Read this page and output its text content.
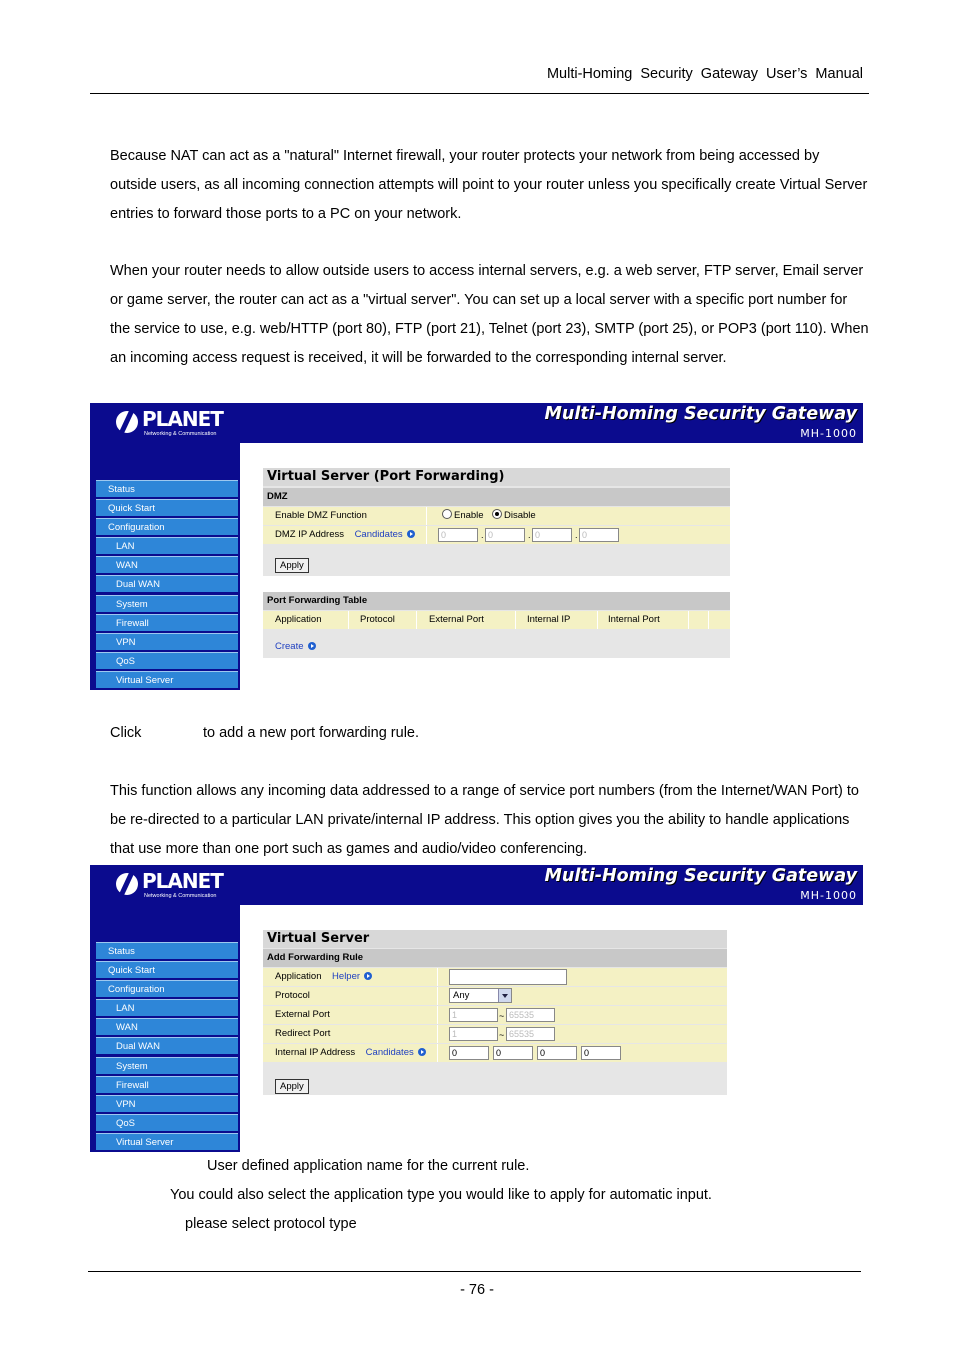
Multi-Homing Security Gateway User’s Manual

Because NAT can act as a "natural" Internet firewall, your router protects your network from being accessed by outside users, as all incoming connection attempts will point to your router unless you specifically create Virtual Server entries to forward those ports to a PC on your network.

When your router needs to allow outside users to access internal servers, e.g. a web server, FTP server, Email server or game server, the router can act as a "virtual server". You can set up a local server with a specific port number for the service to use, e.g. web/HTTP (port 80), FTP (port 21), Telnet (port 23), SMTP (port 25), or POP3 (port 110). When an incoming access request is received, it will be forwarded to the corresponding internal server.

PLANET
Networking & Communication
Multi-Homing Security Gateway
MH-1000
Status
Quick Start
Configuration
LAN
WAN
Dual WAN
System
Firewall
VPN
QoS
Virtual Server
Virtual Server (Port Forwarding)
DMZ
Enable DMZ Function	Enable	Disable
DMZ IP Address Candidates	0	. 0	. 0	. 0
Apply
Port Forwarding Table
Application	Protocol	External Port	Internal IP	Internal Port
Create
Click	to add a new port forwarding rule.

This function allows any incoming data addressed to a range of service port numbers (from the Internet/WAN Port) to be re-directed to a particular LAN private/internal IP address. This option gives you the ability to handle applications that use more than one port such as games and audio/video conferencing.

PLANET
Networking & Communication
Multi-Homing Security Gateway
MH-1000
Status
Quick Start
Configuration
LAN
WAN
Dual WAN
System
Firewall
VPN
QoS
Virtual Server
Virtual Server
Add Forwarding Rule
Application Helper
Protocol	Any
External Port	1	~ 65535
Redirect Port	1	~ 65535
Internal IP Address Candidates	0	0	0	0
Apply
User defined application name for the current rule.
You could also select the application type you would like to apply for automatic input.
please select protocol type
- 76 -
